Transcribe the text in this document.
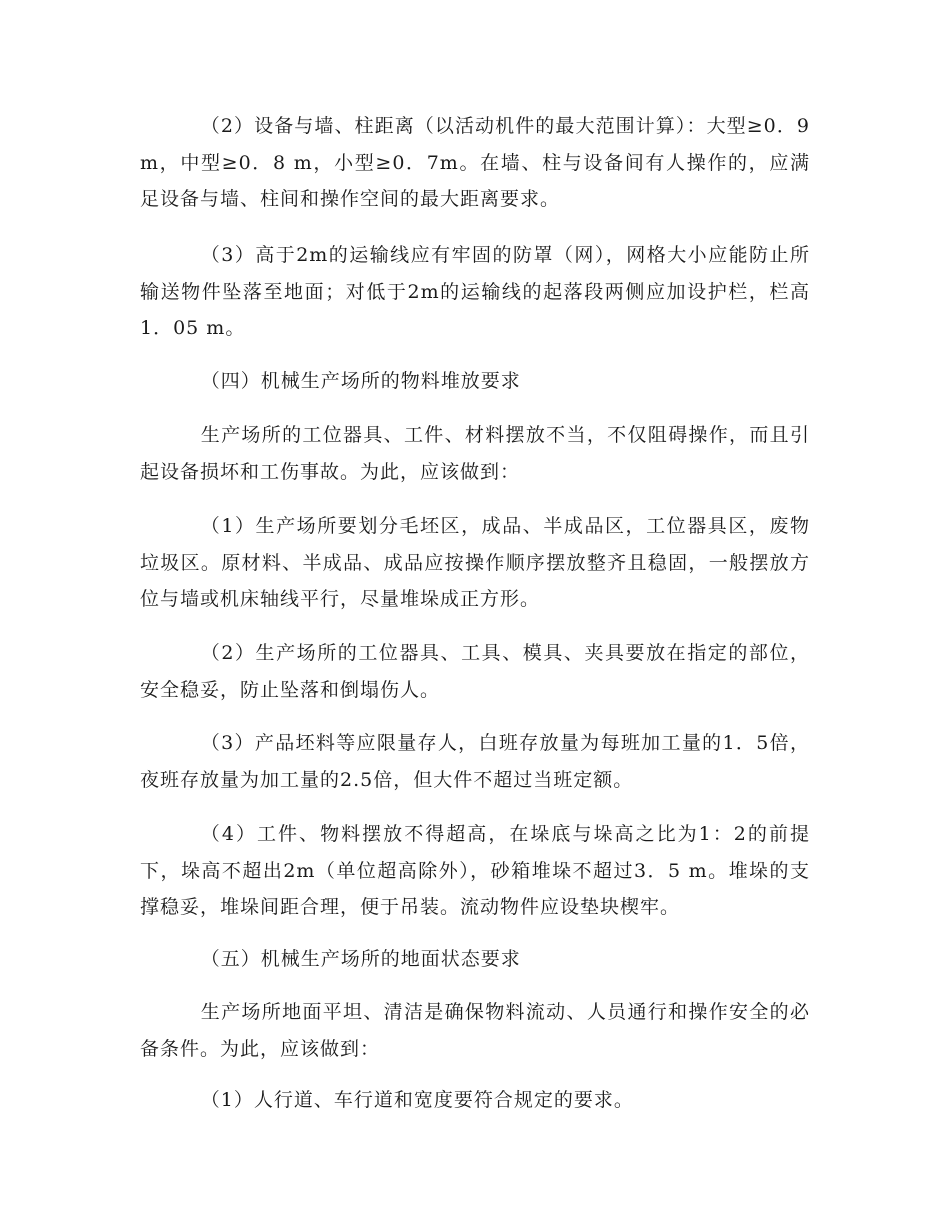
（2）设备与墙、柱距离（以活动机件的最大范围计算）：大型≥0．9 m，中型≥0．8 m，小型≥0．7m。在墙、柱与设备间有人操作的，应满足设备与墙、柱间和操作空间的最大距离要求。

（3）高于2m的运输线应有牢固的防罩（网），网格大小应能防止所输送物件坠落至地面；对低于2m的运输线的起落段两侧应加设护栏，栏高1．05 m。

（四）机械生产场所的物料堆放要求

生产场所的工位器具、工件、材料摆放不当，不仅阻碍操作，而且引起设备损坏和工伤事故。为此，应该做到：

（1）生产场所要划分毛坯区，成品、半成品区，工位器具区，废物垃圾区。原材料、半成品、成品应按操作顺序摆放整齐且稳固，一般摆放方位与墙或机床轴线平行，尽量堆垛成正方形。

（2）生产场所的工位器具、工具、模具、夹具要放在指定的部位，安全稳妥，防止坠落和倒塌伤人。

（3）产品坯料等应限量存人，白班存放量为每班加工量的1．5倍，夜班存放量为加工量的2.5倍，但大件不超过当班定额。

（4）工件、物料摆放不得超高，在垛底与垛高之比为1：2的前提下，垛高不超出2m（单位超高除外），砂箱堆垛不超过3．5 m。堆垛的支撑稳妥，堆垛间距合理，便于吊装。流动物件应设垫块楔牢。

（五）机械生产场所的地面状态要求

生产场所地面平坦、清洁是确保物料流动、人员通行和操作安全的必备条件。为此，应该做到：

（1）人行道、车行道和宽度要符合规定的要求。
